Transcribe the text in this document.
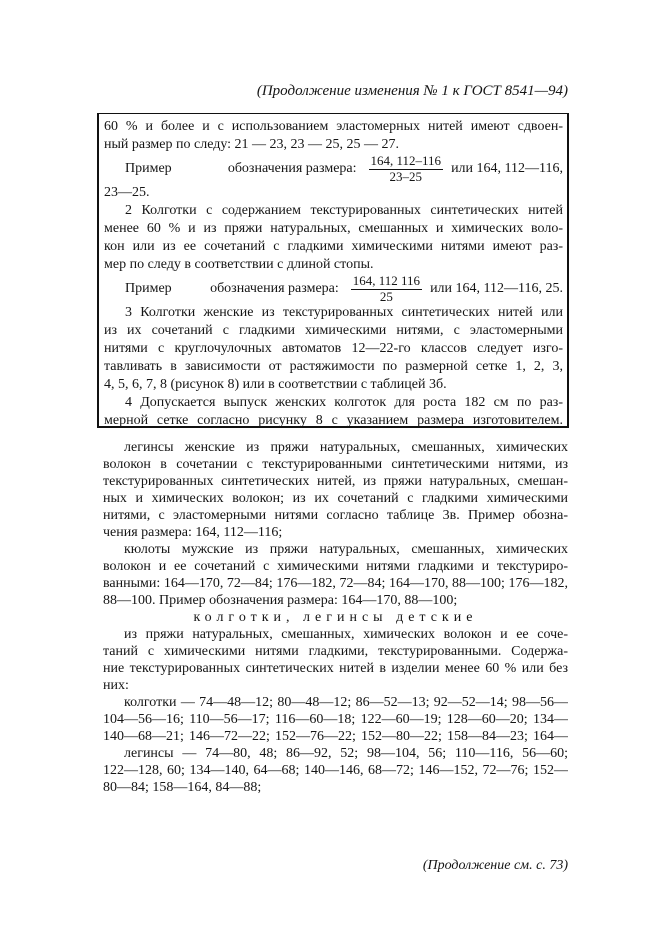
(Продолжение изменения № 1 к ГОСТ 8541—94)
60 % и более и с использованием эластомерных нитей имеют сдвоен-
ный размер по следу: 21 — 23, 23 — 25, 25 — 27.
Пример	обозначения размера: $\frac{164, 112-116}{23-25}$ или 164, 112—116,
23—25.
2 Колготки с содержанием текстурированных синтетических нитей
менее 60 % и из пряжи натуральных, смешанных и химических воло-
кон или из ее сочетаний с гладкими химическими нитями имеют раз-
мер по следу в соответствии с длиной стопы.
Пример	обозначения размера: $\frac{164, 112 116}{25}$ или 164, 112—116, 25.
3 Колготки женские из текстурированных синтетических нитей или
из их сочетаний с гладкими химическими нитями, с эластомерными
нитями с круглочулочных автоматов 12—22-го классов следует изго-
тавливать в зависимости от растяжимости по размерной сетке 1, 2, 3,
4, 5, 6, 7, 8 (рисунок 8) или в соответствии с таблицей 3б.
4 Допускается выпуск женских колготок для роста 182 см по раз-
мерной сетке согласно рисунку 8 с указанием размера изготовителем.
легинсы женские из пряжи натуральных, смешанных, химических
волокон в сочетании с текстурированными синтетическими нитями, из
текстурированных синтетических нитей, из пряжи натуральных, смешан-
ных и химических волокон; из их сочетаний с гладкими химическими
нитями, с эластомерными нитями согласно таблице 3в. Пример обозна-
чения размера: 164, 112—116;
кюлоты мужские из пряжи натуральных, смешанных, химических
волокон и ее сочетаний с химическими нитями гладкими и текстуриро-
ванными: 164—170, 72—84; 176—182, 72—84; 164—170, 88—100; 176—182,
88—100. Пример обозначения размера: 164—170, 88—100;
колготки, легинсы детские
из пряжи натуральных, смешанных, химических волокон и ее соче-
таний с химическими нитями гладкими, текстурированными. Содержа-
ние текстурированных синтетических нитей в изделии менее 60 % или без
них:
колготки — 74—48—12; 80—48—12; 86—52—13; 92—52—14; 98—56—
104—56—16; 110—56—17; 116—60—18; 122—60—19; 128—60—20; 134—
140—68—21; 146—72—22; 152—76—22; 152—80—22; 158—84—23; 164—
легинсы — 74—80, 48; 86—92, 52; 98—104, 56; 110—116, 56—60;
122—128, 60; 134—140, 64—68; 140—146, 68—72; 146—152, 72—76; 152—
80—84; 158—164, 84—88;
(Продолжение см. с. 73)
